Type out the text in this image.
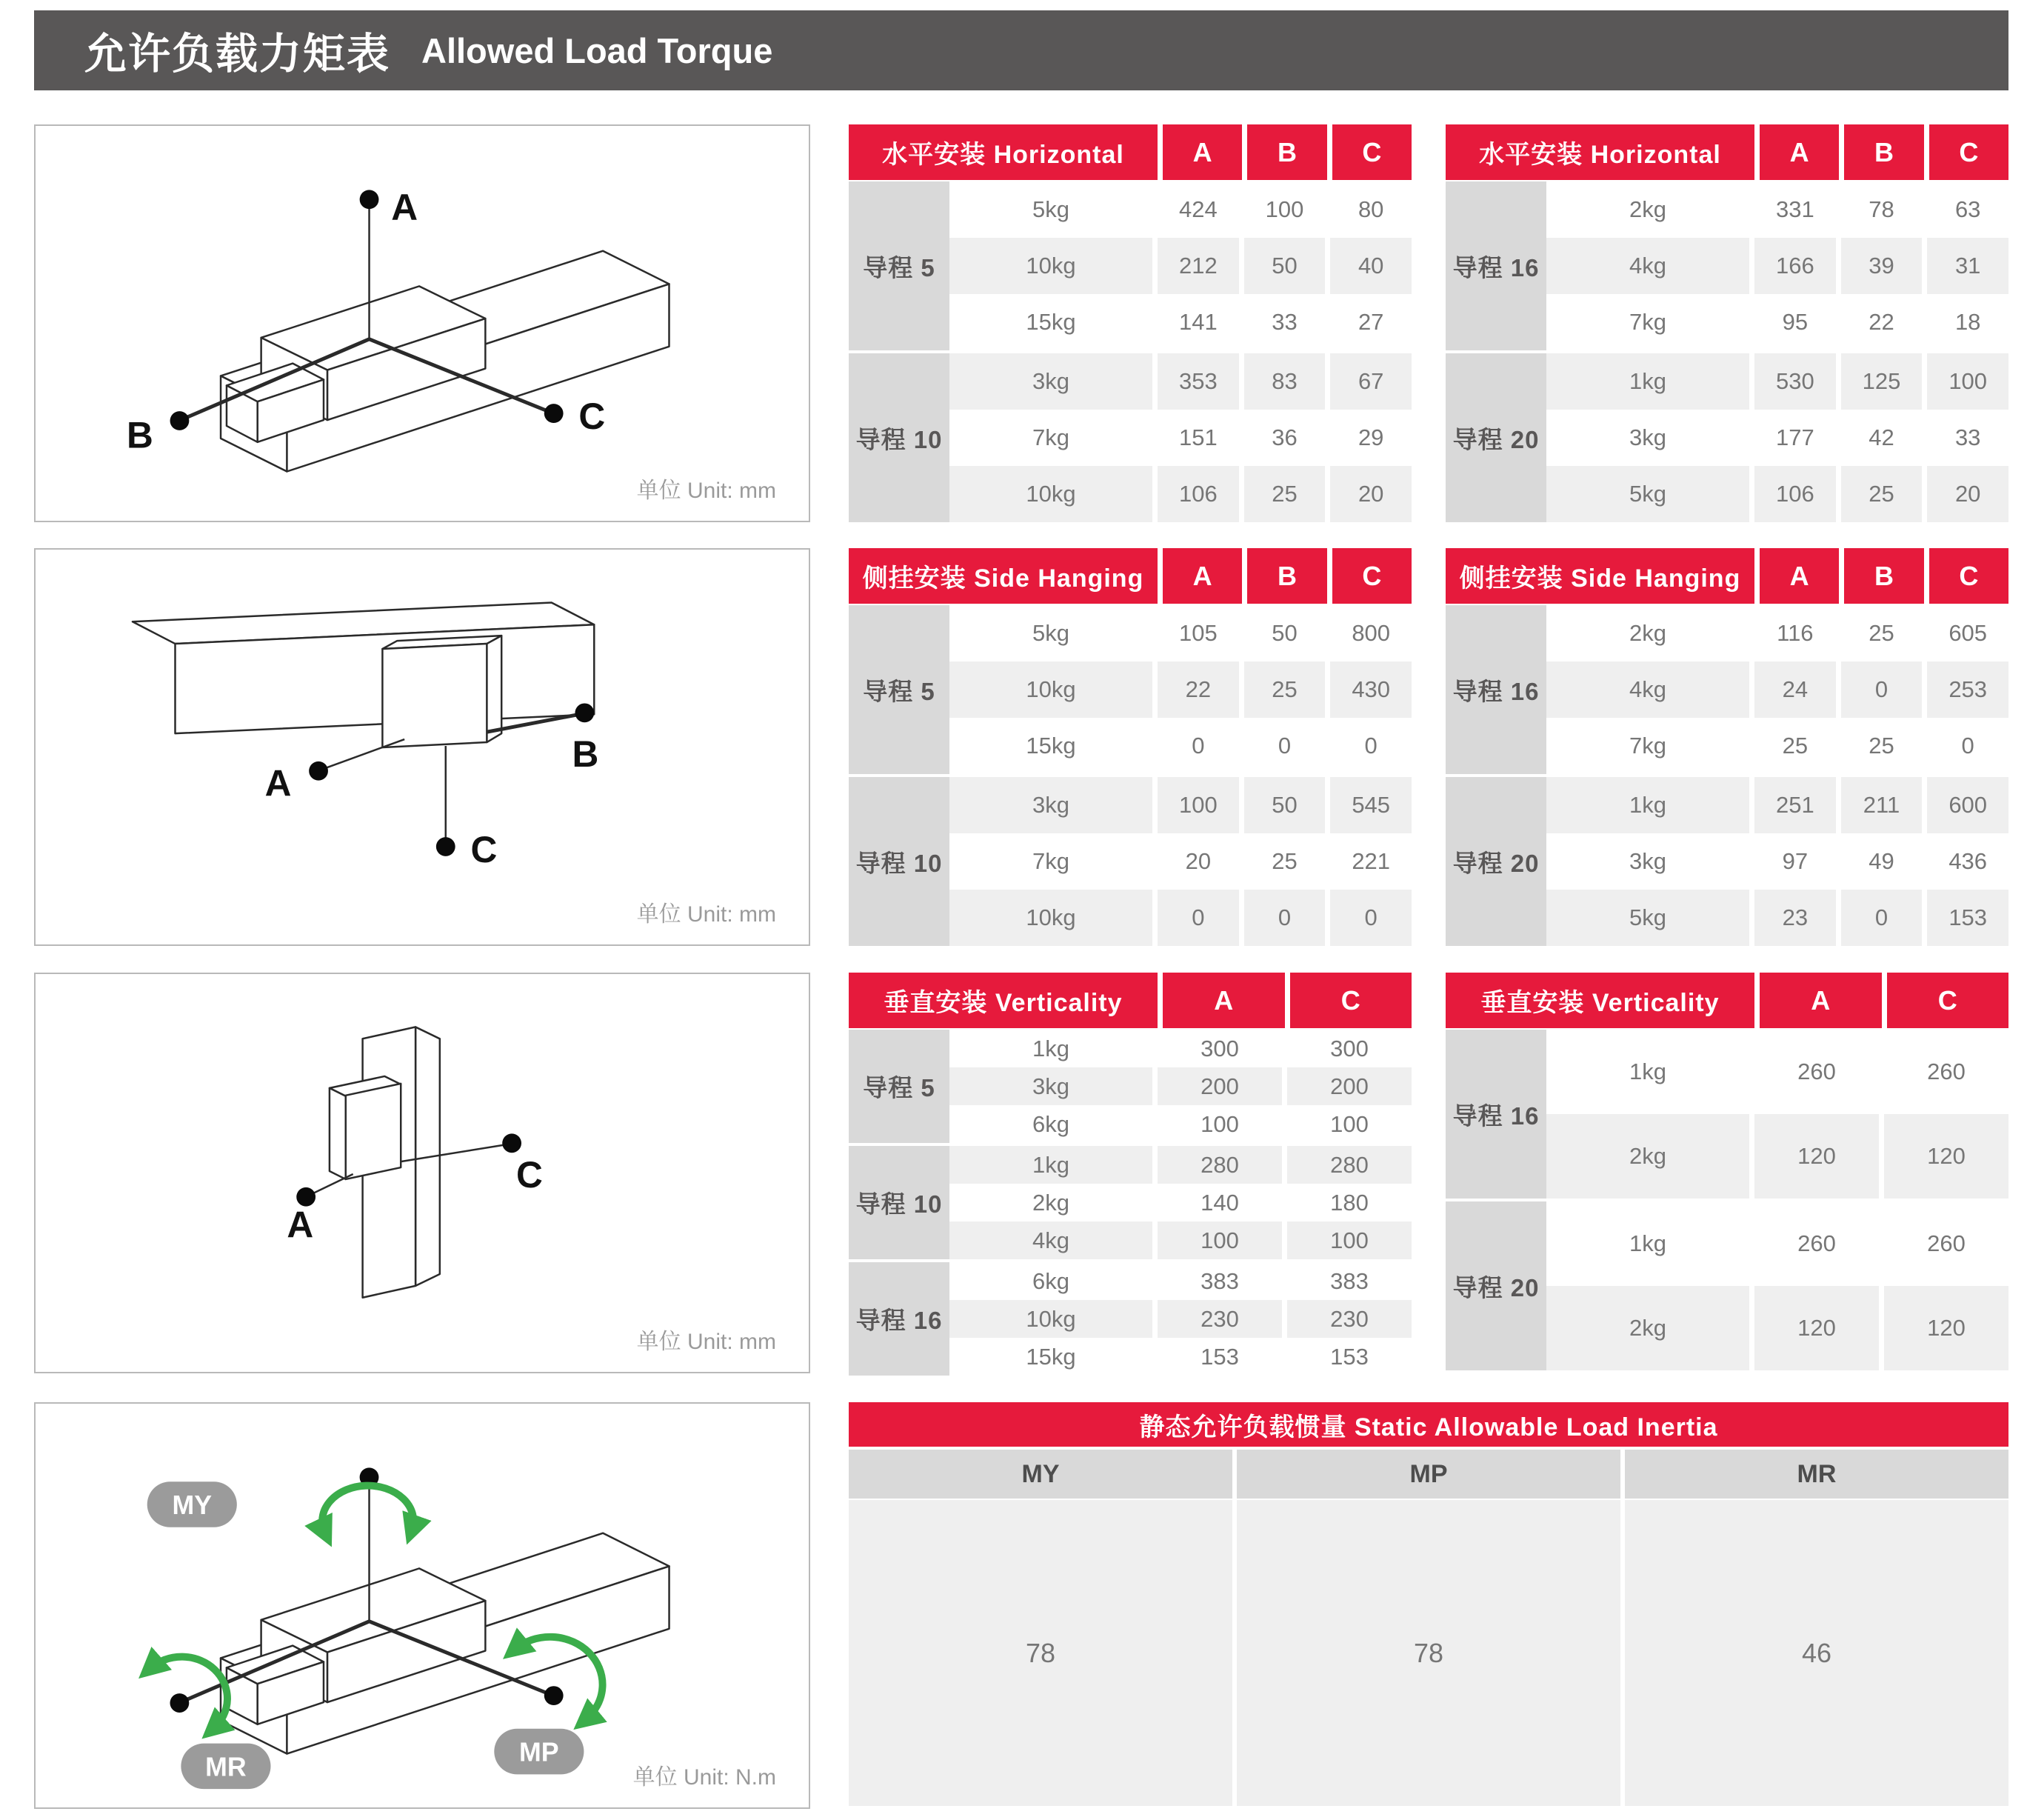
允许负载力矩表 Allowed Load Torque
A
B	C
单位 Unit: mm
A
B
C
单位 Unit: mm
A
C
单位 Unit: mm
MY
MP
MR	单位 Unit: N.m
水平安装 Horizontal	A	B	C
导程 5
5kg	424	100	80
10kg	212	50	40
15kg	141	33	27
导程 10
3kg	353	83	67
7kg	151	36	29
10kg	106	25	20
水平安装 Horizontal	A	B	C
导程 16
2kg	331	78	63
4kg	166	39	31
7kg	95	22	18
导程 20
1kg	530	125	100
3kg	177	42	33
5kg	106	25	20
侧挂安装 Side Hanging	A	B	C
导程 5
5kg	105	50	800
10kg	22	25	430
15kg	0	0	0
导程 10
3kg	100	50	545
7kg	20	25	221
10kg	0	0	0
侧挂安装 Side Hanging	A	B	C
导程 16
2kg	116	25	605
4kg	24	0	253
7kg	25	25	0
导程 20
1kg	251	211	600
3kg	97	49	436
5kg	23	0	153
垂直安装 Verticality	A	C
导程 5
1kg	300	300
3kg	200	200
6kg	100	100
导程 10
1kg	280	280
2kg	140	180
4kg	100	100
导程 16
6kg	383	383
10kg	230	230
15kg	153	153
垂直安装 Verticality	A	C
导程 16
1kg	260	260
2kg	120	120
导程 20
1kg	260	260
2kg	120	120
静态允许负载惯量 Static Allowable Load Inertia
MY	MP	MR
78	78	46
